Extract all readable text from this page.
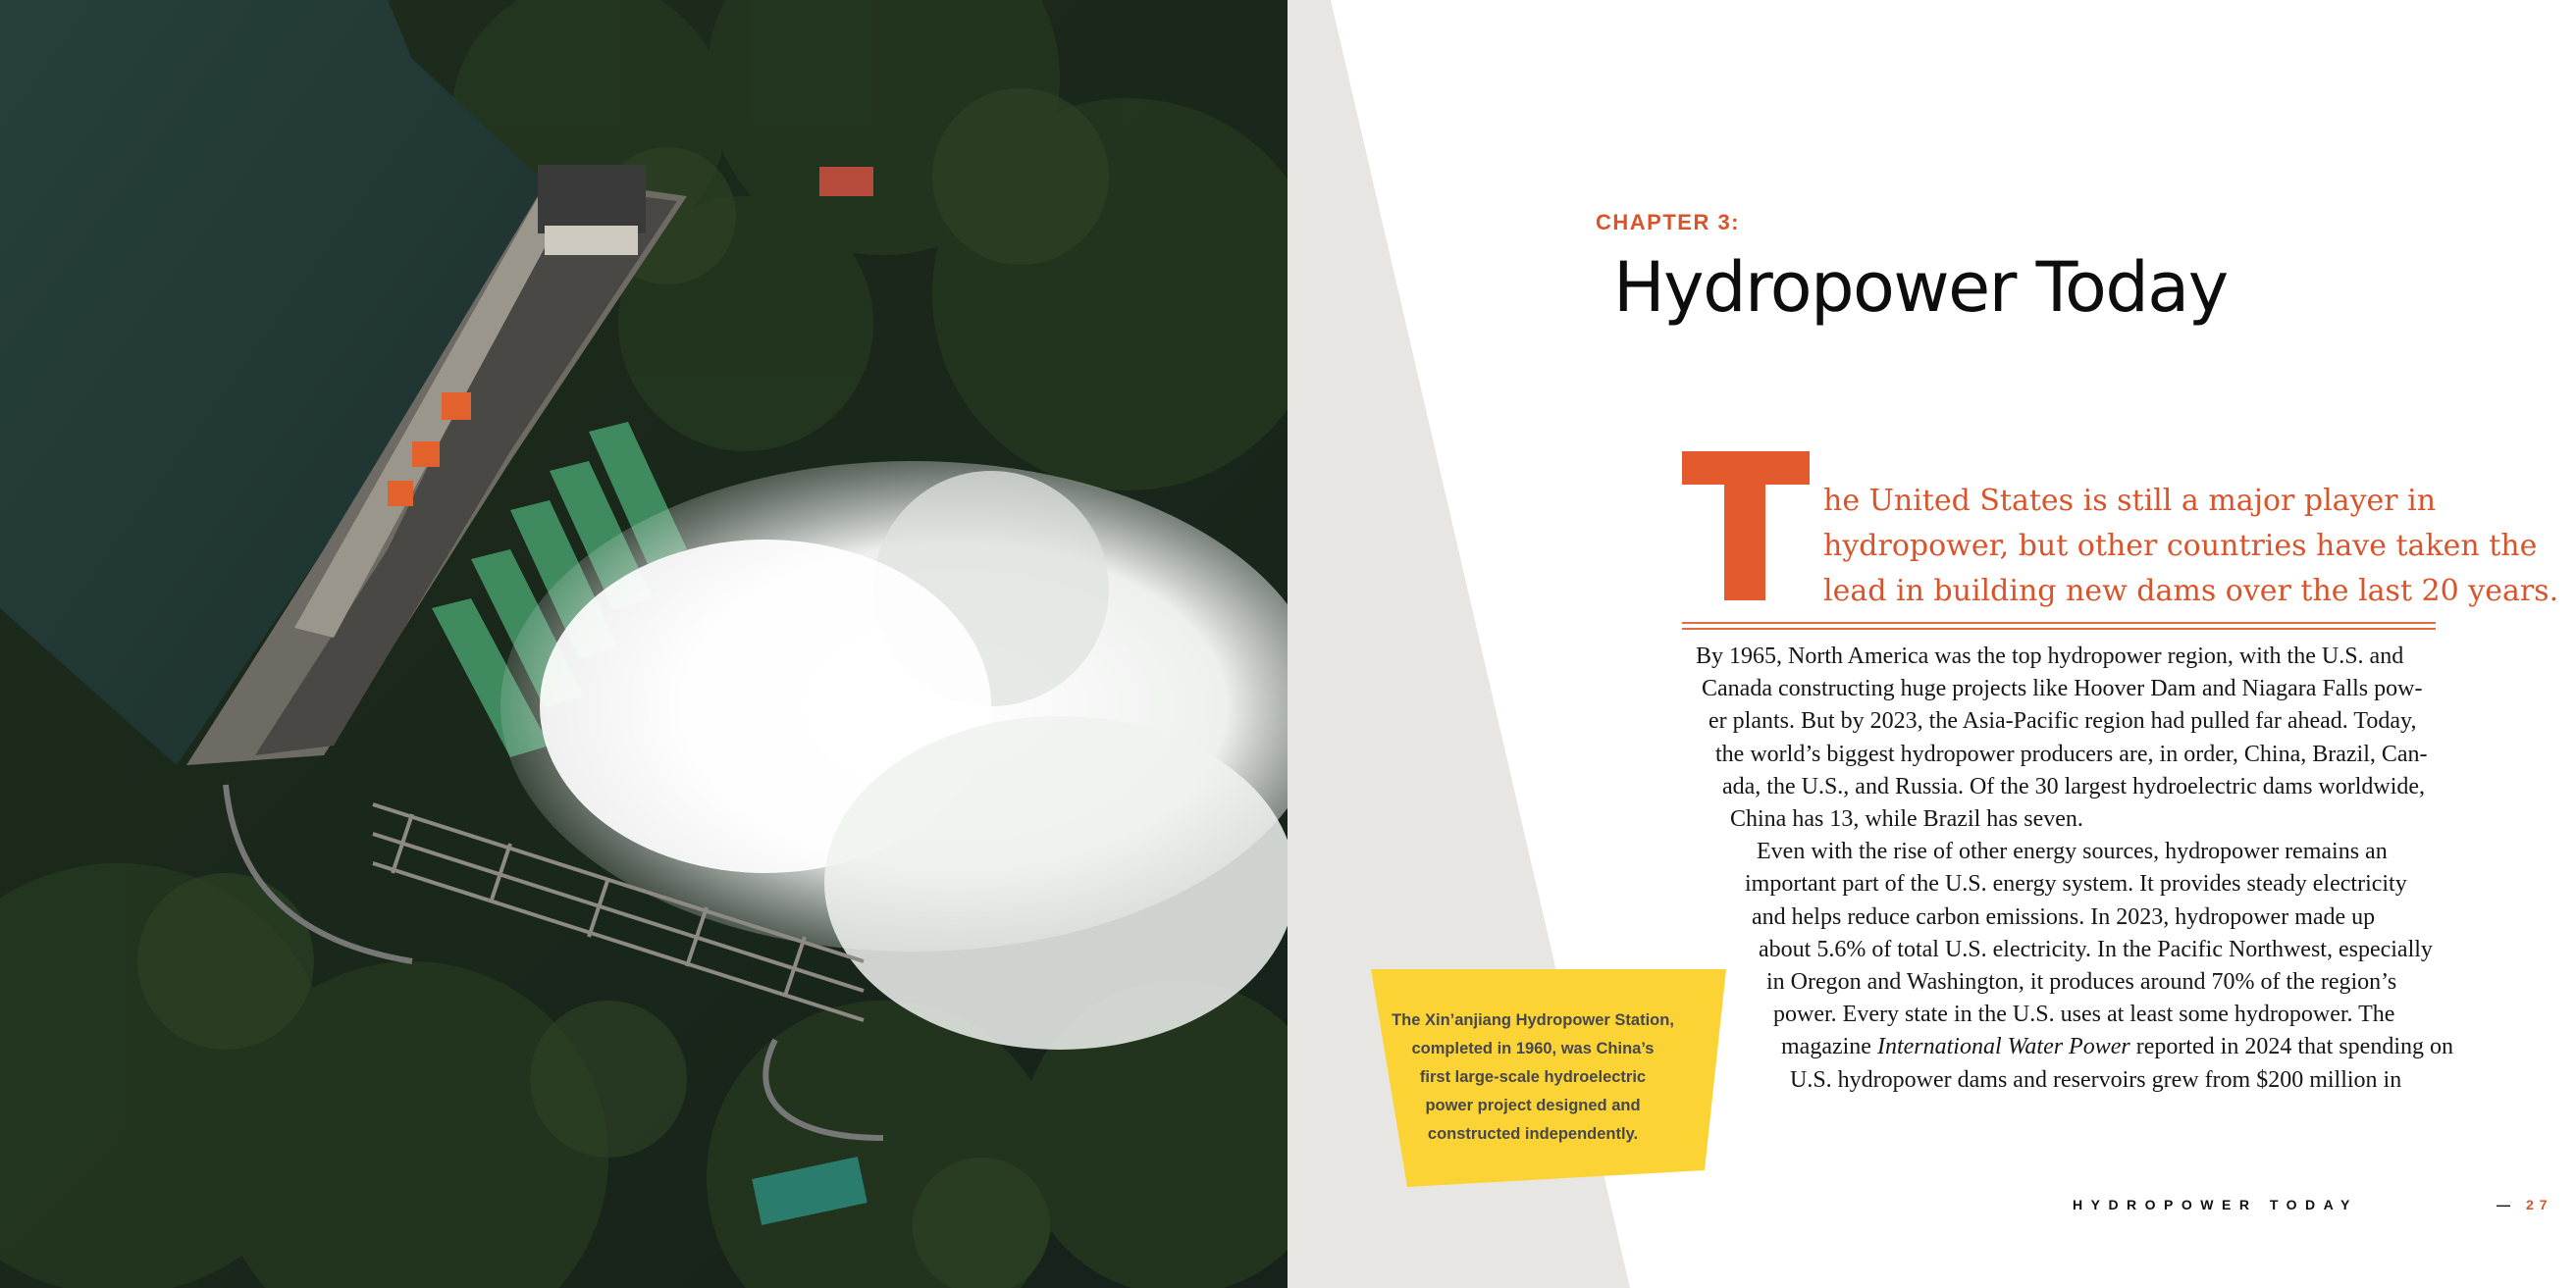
CHAPTER 3:
Hydropower Today
he United States is still a major player in
hydropower, but other countries have taken the
lead in building new dams over the last 20 years.
By 1965, North America was the top hydropower region, with the U.S. and
Canada constructing huge projects like Hoover Dam and Niagara Falls pow-
er plants. But by 2023, the Asia-Pacific region had pulled far ahead. Today,
the world’s biggest hydropower producers are, in order, China, Brazil, Can-
ada, the U.S., and Russia. Of the 30 largest hydroelectric dams worldwide,
China has 13, while Brazil has seven.
Even with the rise of other energy sources, hydropower remains an
important part of the U.S. energy system. It provides steady electricity
and helps reduce carbon emissions. In 2023, hydropower made up
about 5.6% of total U.S. electricity. In the Pacific Northwest, especially
in Oregon and Washington, it produces around 70% of the region’s
power. Every state in the U.S. uses at least some hydropower. The
magazine International Water Power reported in 2024 that spending on
U.S. hydropower dams and reservoirs grew from $200 million in
HYDROPOWER TODAY	— 27
The Xin’anjiang Hydropower Station,
completed in 1960, was China’s
first large-scale hydroelectric
power project designed and
constructed independently.
